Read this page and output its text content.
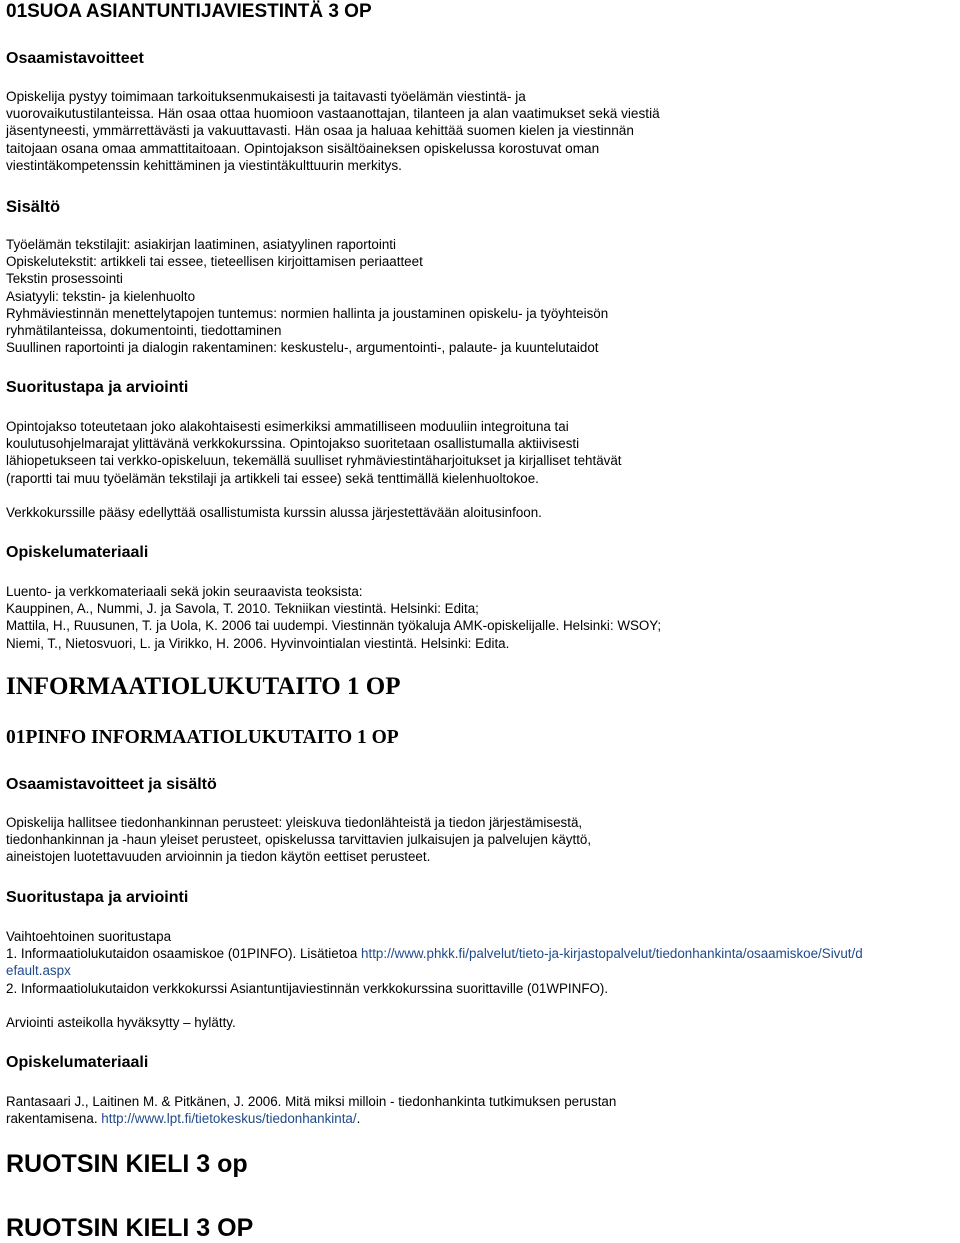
01SUOA ASIANTUNTIJAVIESTINTÄ 3 OP
Osaamistavoitteet

Opiskelija pystyy toimimaan tarkoituksenmukaisesti ja taitavasti työelämän viestintä- ja
vuorovaikutustilanteissa. Hän osaa ottaa huomioon vastaanottajan, tilanteen ja alan vaatimukset sekä viestiä
jäsentyneesti, ymmärrettävästi ja vakuuttavasti. Hän osaa ja haluaa kehittää suomen kielen ja viestinnän
taitojaan osana omaa ammattitaitoaan. Opintojakson sisältöaineksen opiskelussa korostuvat oman
viestintäkompetenssin kehittäminen ja viestintäkulttuurin merkitys.

Sisältö

Työelämän tekstilajit: asiakirjan laatiminen, asiatyylinen raportointi
Opiskelutekstit: artikkeli tai essee, tieteellisen kirjoittamisen periaatteet
Tekstin prosessointi
Asiatyyli: tekstin- ja kielenhuolto
Ryhmäviestinnän menettelytapojen tuntemus: normien hallinta ja joustaminen opiskelu- ja työyhteisön
ryhmätilanteissa, dokumentointi, tiedottaminen
Suullinen raportointi ja dialogin rakentaminen: keskustelu-, argumentointi-, palaute- ja kuuntelutaidot

Suoritustapa ja arviointi

Opintojakso toteutetaan joko alakohtaisesti esimerkiksi ammatilliseen moduuliin integroituna tai
koulutusohjelmarajat ylittävänä verkkokurssina. Opintojakso suoritetaan osallistumalla aktiivisesti
lähiopetukseen tai verkko-opiskeluun, tekemällä suulliset ryhmäviestintäharjoitukset ja kirjalliset tehtävät
(raportti tai muu työelämän tekstilaji ja artikkeli tai essee) sekä tenttimällä kielenhuoltokoe.

Verkkokurssille pääsy edellyttää osallistumista kurssin alussa järjestettävään aloitusinfoon.

Opiskelumateriaali

Luento- ja verkkomateriaali sekä jokin seuraavista teoksista:
Kauppinen, A., Nummi, J. ja Savola, T. 2010. Tekniikan viestintä. Helsinki: Edita;
Mattila, H., Ruusunen, T. ja Uola, K. 2006 tai uudempi. Viestinnän työkaluja AMK-opiskelijalle. Helsinki: WSOY;
Niemi, T., Nietosvuori, L. ja Virikko, H. 2006. Hyvinvointialan viestintä. Helsinki: Edita.

INFORMAATIOLUKUTAITO 1 OP
01PINFO INFORMAATIOLUKUTAITO 1 OP
Osaamistavoitteet ja sisältö

Opiskelija hallitsee tiedonhankinnan perusteet: yleiskuva tiedonlähteistä ja tiedon järjestämisestä,
tiedonhankinnan ja -haun yleiset perusteet, opiskelussa tarvittavien julkaisujen ja palvelujen käyttö,
aineistojen luotettavuuden arvioinnin ja tiedon käytön eettiset perusteet.

Suoritustapa ja arviointi

Vaihtoehtoinen suoritustapa
1. Informaatiolukutaidon osaamiskoe (01PINFO). Lisätietoa http://www.phkk.fi/palvelut/tieto-ja-kirjastopalvelut/tiedonhankinta/osaamiskoe/Sivut/d
efault.aspx
2. Informaatiolukutaidon verkkokurssi Asiantuntijaviestinnän verkkokurssina suorittaville (01WPINFO).

Arviointi asteikolla hyväksytty – hylätty.

Opiskelumateriaali

Rantasaari J., Laitinen M. & Pitkänen, J. 2006. Mitä miksi milloin - tiedonhankinta tutkimuksen perustan
rakentamisena. http://www.lpt.fi/tietokeskus/tiedonhankinta/.

RUOTSIN KIELI 3 op
RUOTSIN KIELI 3 OP
